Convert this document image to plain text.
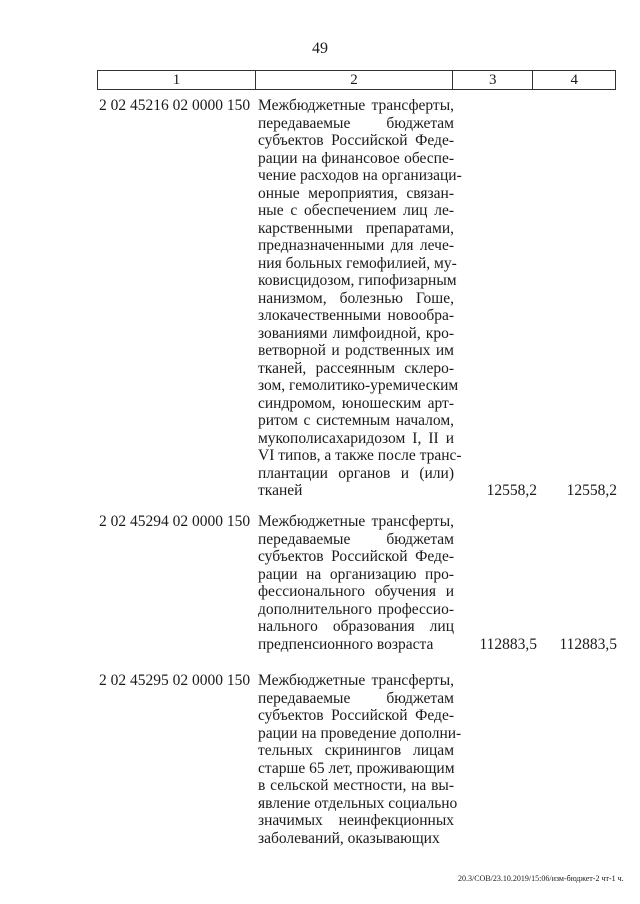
49
1	2	3	4
2 02 45216 02 0000 150 Межбюджетные трансферты,
передаваемые бюджетам
субъектов Российской Феде-
рации на финансовое обеспе-
чение расходов на организаци-
онные мероприятия, связан-
ные с обеспечением лиц ле-
карственными препаратами,
предназначенными для лече-
ния больных гемофилией, му-
ковисцидозом, гипофизарным
нанизмом, болезнью Гоше,
злокачественными новообра-
зованиями лимфоидной, кро-
ветворной и родственных им
тканей, рассеянным склеро-
зом, гемолитико-уремическим
синдромом, юношеским арт-
ритом с системным началом,
мукополисахаридозом I, II и
VI типов, а также после транс-
плантации органов и (или)
тканей	12558,2	12558,2
2 02 45294 02 0000 150 Межбюджетные трансферты,
передаваемые бюджетам
субъектов Российской Феде-
рации на организацию про-
фессионального обучения и
дополнительного профессио-
нального образования лиц
предпенсионного возраста	112883,5	112883,5
2 02 45295 02 0000 150 Межбюджетные трансферты,
передаваемые бюджетам
субъектов Российской Феде-
рации на проведение дополни-
тельных скринингов лицам
старше 65 лет, проживающим
в сельской местности, на вы-
явление отдельных социально
значимых неинфекционных
заболеваний, оказывающих
20.3/СОВ/23.10.2019/15:06/изм-бюджет-2 чт-1 ч.
